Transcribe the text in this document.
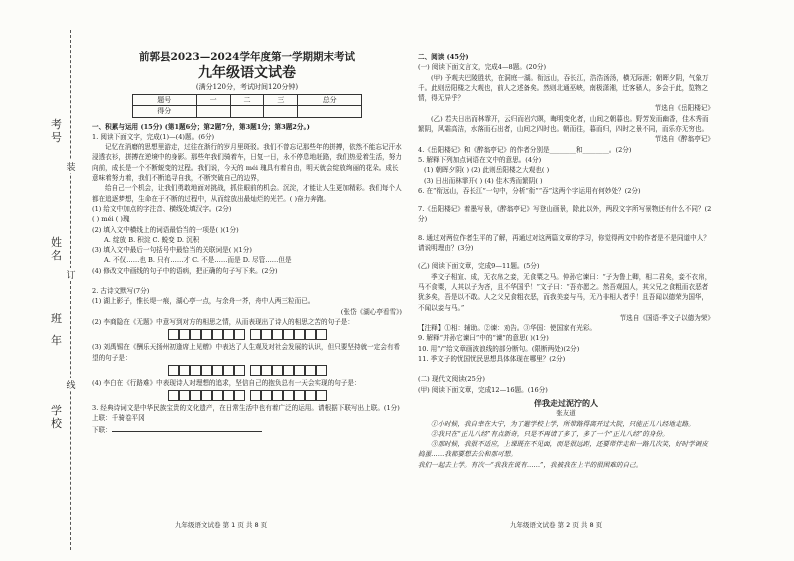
考号
姓名
班
年
学校
装
订
线
前郭县2023—2024学年度第一学期期末考试
九年级语文试卷
(满分120分，考试时间120分钟)
题号	一	二	三	总分
得分				
一、积累与运用 (15分) (第1题6分；第2题7分，第3题1分；第3题2分。)
1. 阅读下面文字，完成(1)—(4)题。(6分)

记忆在消磨的思想里游走，过往在渐行的岁月里斑驳。我们不曾忘记那些年的拼搏，依然不能忘记汗水浸透衣衫，拼搏在逆境中的身影。那些年我们骑着车，日复一日，永不停息地赶路，我们热爱着生活，努力向前，成长是一个不断蜕变的过程。我们说，今天的 méi 瑰具有着自由，明天就会绽放绚丽的花朵。成长意味着努力着，我们不断追寻自我，不断突破自己的边界，

给自己一个机会，让我们勇敢地面对挑战，抓住眼前的机会。沉淀，才能让人生更加精彩。我们每个人都在追逐梦想，生命在于不断的过程中，从而绽放出最灿烂的光芒。( )奋力奔跑。

(1) 给文中加点的字注音、横线处填汉字。(2分)
( ) méi ( )瑰
(2) 填入文中横线上的词语最恰当的一项是( )(1分)
A. 绽放 B. 积淀 C. 蜕变 D. 沉积
(3) 填入文中最后一句括号中最恰当的关联词是( )(1分)
A. 不仅……也 B. 只有……才 C. 不是……而是 D. 尽管……但是
(4) 修改文中画线的句子中的语病，把正确的句子写下来。(2分)
2. 古诗文默写(7分)
(1) 湖上影子，惟长堤一痕，湖心亭一点，与余舟一芥，舟中人两三粒而已。
(张岱《湖心亭看雪》)
(2) 李商隐在《无题》中意写到对方的相思之情，从而表现出了诗人的相思之苦的句子是：
(3) 刘禹锡在《酬乐天扬州初逢席上见赠》中表达了人生观及对社会发展的认识，但只要坚持就一定会有希望的句子是：
(4) 李白在《行路难》中表现诗人对理想的追求，坚信自己的抱负总有一天会实现的句子是：
3. 经典诗词文是中华民族宝贵的文化遗产，在日常生活中也有着广泛的运用。请根据下联写出上联。(1分)
上联：千骑卷平冈
下联：
九年级语文试卷 第 1 页 共 8 页
二、阅读 (45分)
(一) 阅读下面文言文，完成4—8题。(20分)

(甲) 予观夫巴陵胜状，在洞庭一湖。衔远山，吞长江，浩浩汤汤，横无际涯；朝晖夕阴，气象万千。此则岳阳楼之大观也，前人之述备矣。然则北通巫峡，南极潇湘，迁客骚人，多会于此，览物之情，得无异乎？

节选自《岳阳楼记》

(乙) 若夫日出而林霏开，云归而岩穴暝，晦明变化者，山间之朝暮也。野芳发而幽香，佳木秀而繁阴，风霜高洁，水落而石出者，山间之四时也。朝而往，暮而归，四时之景不同，而乐亦无穷也。

节选自《醉翁亭记》
4.《岳阳楼记》和《醉翁亭记》的作者分别是________和________。(2分)
5. 解释下列加点词语在文中的意思。(4分)
(1) 朝晖夕阴( ) (2) 此则岳阳楼之大观也( )
(3) 日出而林霏开( ) (4) 佳木秀而繁阴( )
6. 在“衔远山，吞长江”一句中，分析“衔”“吞”这两个字运用有何妙处？(2分)
7.《岳阳楼记》着墨写景，《醉翁亭记》写登山画景，除此以外，两段文字所写景物还有什么不同？(2分)
8. 通过对两位作者生平的了解，再通过对这两篇文章的学习，你觉得两文中的作者是不是同道中人？请说明理由？(3分)
(乙) 阅读下面文章，完成9—11题。(5分)

季文子相宣、成，无衣帛之妾，无食粟之马。仲孙它谏曰：“子为鲁上卿，相二君矣，妾不衣帛，马不食粟，人其以子为吝，且不华国乎！”文子曰：“吾亦愿之。然吾观国人，其父兄之食粗而衣恶者犹多矣，吾是以不敢。人之父兄食粗衣恶，而我美妾与马，无乃非相人者乎！且吾闻以德荣为国华，不闻以妾与马。”

节选自《国语·季文子以德为荣》
【注释】①相：辅助。②谏：劝告。③华国：使国家有光彩。
9. 解释“并孙它谏曰”中的“谏”的意思( )(1分)
10. 用“/”给文章画波浪线的部分断句。(限断两处)(2分)
11. 季文子的忧国忧民思想具体体现在哪里？(2分)
(二) 现代文阅读(25分)
(甲) 阅读下面文章，完成12—16题。(16分)
伴我走过泥泞的人
张友道

①小时候，我自幸在大宁，为了避学校上学，所带路得离开过大院，只能正儿八经地走路。

②我只在“正儿八经”有点新奇，只是不再请了多了，多了一个“正儿八经”的身份。

③那时候，我很不适应，上课既在不见面，而是很远距，还要带伴走和一路几次笑，好时学调皮捣蛋……我都要想去公和那可想。

我们一起去上学。有次一“我我在说有……”，我被我在上半的很困难的自己。

九年级语文试卷 第 2 页 共 8 页
